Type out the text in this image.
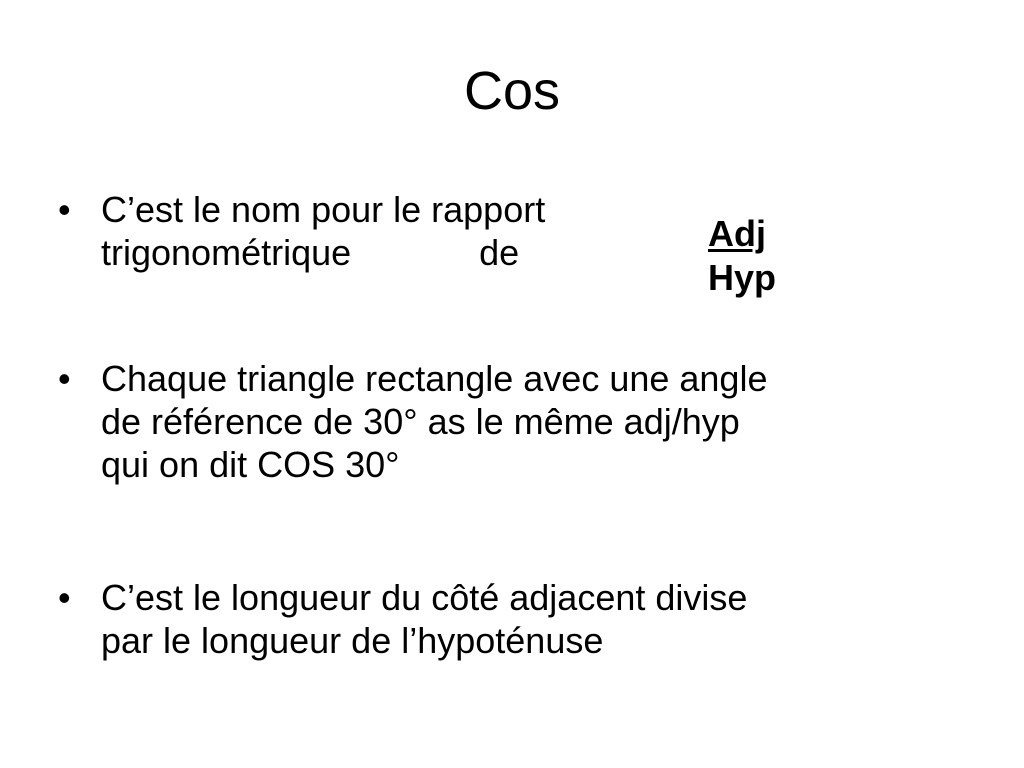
Cos
• C’est le nom pour le rapport
trigonométrique	de	Adj
Hyp
• Chaque triangle rectangle avec une angle
de référence de 30° as le même adj/hyp
qui on dit COS 30°
• C’est le longueur du côté adjacent divise
par le longueur de l’hypoténuse
